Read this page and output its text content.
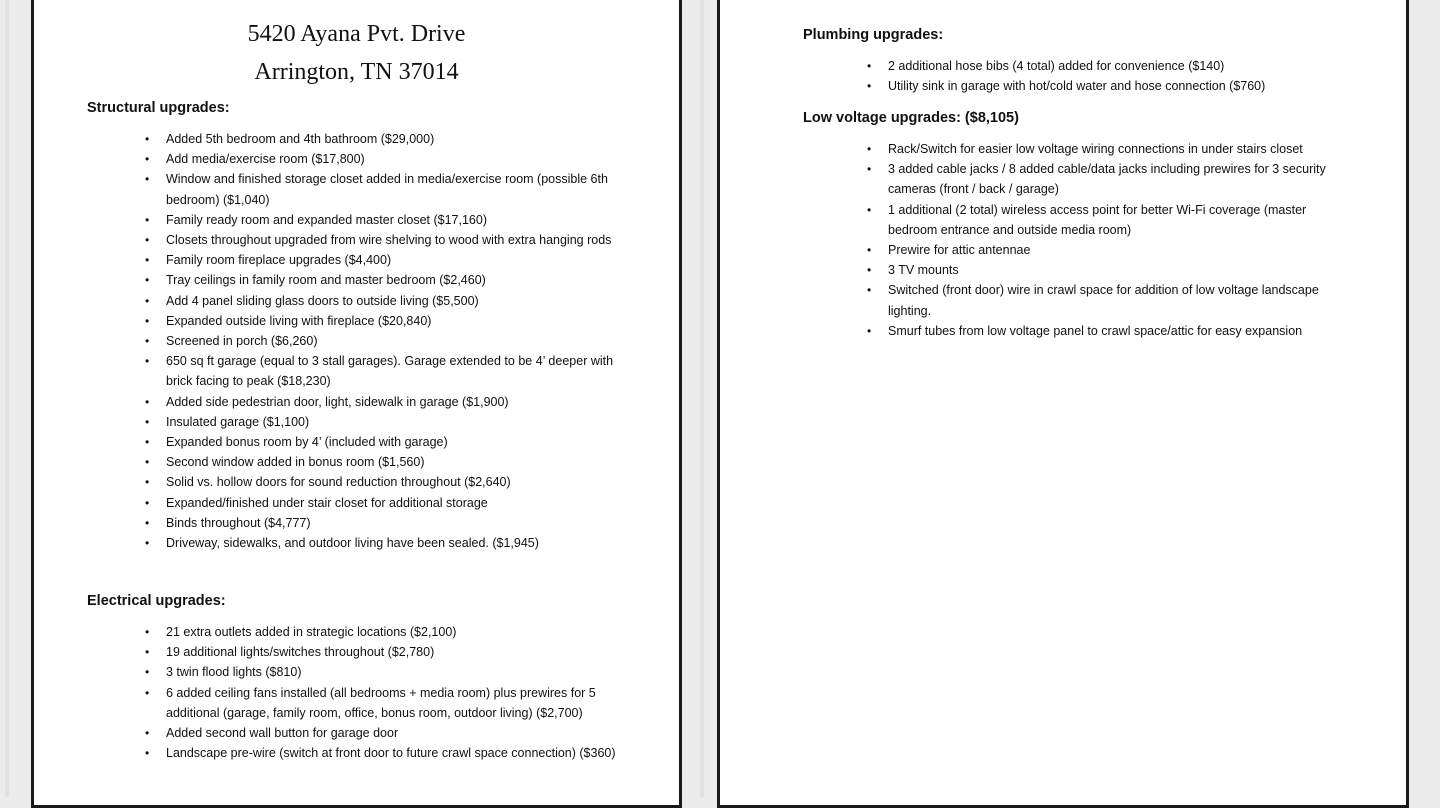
5420 Ayana Pvt. Drive

Arrington, TN 37014

Structural upgrades:

• Added 5th bedroom and 4th bathroom ($29,000)
• Add media/exercise room ($17,800)
• Window and finished storage closet added in media/exercise room (possible 6th bedroom) ($1,040)
• Family ready room and expanded master closet ($17,160)
• Closets throughout upgraded from wire shelving to wood with extra hanging rods
• Family room fireplace upgrades ($4,400)
• Tray ceilings in family room and master bedroom ($2,460)
• Add 4 panel sliding glass doors to outside living ($5,500)
• Expanded outside living with fireplace ($20,840)
• Screened in porch ($6,260)
• 650 sq ft garage (equal to 3 stall garages). Garage extended to be 4’ deeper with brick facing to peak ($18,230)
• Added side pedestrian door, light, sidewalk in garage ($1,900)
• Insulated garage ($1,100)
• Expanded bonus room by 4’ (included with garage)
• Second window added in bonus room ($1,560)
• Solid vs. hollow doors for sound reduction throughout ($2,640)
• Expanded/finished under stair closet for additional storage
• Binds throughout ($4,777)
• Driveway, sidewalks, and outdoor living have been sealed. ($1,945)

Electrical upgrades:

• 21 extra outlets added in strategic locations ($2,100)
• 19 additional lights/switches throughout ($2,780)
• 3 twin flood lights ($810)
• 6 added ceiling fans installed (all bedrooms + media room) plus prewires for 5 additional (garage, family room, office, bonus room, outdoor living) ($2,700)
• Added second wall button for garage door
• Landscape pre-wire (switch at front door to future crawl space connection) ($360)

Plumbing upgrades:

• 2 additional hose bibs (4 total) added for convenience ($140)
• Utility sink in garage with hot/cold water and hose connection ($760)

Low voltage upgrades: ($8,105)

• Rack/Switch for easier low voltage wiring connections in under stairs closet
• 3 added cable jacks / 8 added cable/data jacks including prewires for 3 security cameras (front / back / garage)
• 1 additional (2 total) wireless access point for better Wi-Fi coverage (master bedroom entrance and outside media room)
• Prewire for attic antennae
• 3 TV mounts
• Switched (front door) wire in crawl space for addition of low voltage landscape lighting.
• Smurf tubes from low voltage panel to crawl space/attic for easy expansion
